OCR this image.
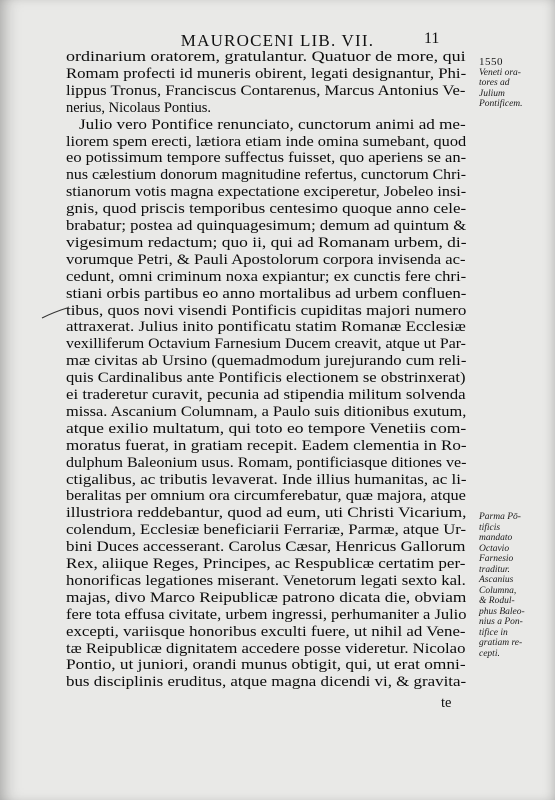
MAUROCENI LIB. VII.	11
ordinarium oratorem, gratulantur. Quatuor de more, qui
Romam profecti id muneris obirent, legati designantur, Phi-
lippus Tronus, Franciscus Contarenus, Marcus Antonius Ve-
nerius, Nicolaus Pontius.
Julio vero Pontifice renunciato, cunctorum animi ad me-
liorem spem erecti, lætiora etiam inde omina sumebant, quod
eo potissimum tempore suffectus fuisset, quo aperiens se an-
nus cælestium donorum magnitudine refertus, cunctorum Chri-
stianorum votis magna expectatione exciperetur, Jobeleo insi-
gnis, quod priscis temporibus centesimo quoque anno cele-
brabatur; postea ad quinquagesimum; demum ad quintum &
vigesimum redactum; quo ii, qui ad Romanam urbem, di-
vorumque Petri, & Pauli Apostolorum corpora invisenda ac-
cedunt, omni criminum noxa expiantur; ex cunctis fere chri-
stiani orbis partibus eo anno mortalibus ad urbem confluen-
tibus, quos novi visendi Pontificis cupiditas majori numero
attraxerat. Julius inito pontificatu statim Romanæ Ecclesiæ
vexilliferum Octavium Farnesium Ducem creavit, atque ut Par-
mæ civitas ab Ursino (quemadmodum jurejurando cum reli-
quis Cardinalibus ante Pontificis electionem se obstrinxerat)
ei traderetur curavit, pecunia ad stipendia militum solvenda
missa. Ascanium Columnam, a Paulo suis ditionibus exutum,
atque exilio multatum, qui toto eo tempore Venetiis com-
moratus fuerat, in gratiam recepit. Eadem clementia in Ro-
dulphum Baleonium usus. Romam, pontificiasque ditiones ve-
ctigalibus, ac tributis levaverat. Inde illius humanitas, ac li-
beralitas per omnium ora circumferebatur, quæ majora, atque
illustriora reddebantur, quod ad eum, uti Christi Vicarium,
colendum, Ecclesiæ beneficiarii Ferrariæ, Parmæ, atque Ur-
bini Duces accesserant. Carolus Cæsar, Henricus Gallorum
Rex, aliique Reges, Principes, ac Respublicæ certatim per-
honorificas legationes miserant. Venetorum legati sexto kal.
majas, divo Marco Reipublicæ patrono dicata die, obviam
fere tota effusa civitate, urbem ingressi, perhumaniter a Julio
excepti, variisque honoribus exculti fuere, ut nihil ad Vene-
tæ Reipublicæ dignitatem accedere posse videretur. Nicolao
Pontio, ut juniori, orandi munus obtigit, qui, ut erat omni-
bus disciplinis eruditus, atque magna dicendi vi, & gravita-
te
1550
Veneti ora-
tores ad
Julium
Pontificem.
Parma Pō-
tificis
mandato
Octavio
Farnesio
traditur.
Ascanius
Columna,
& Rodul-
phus Baleo-
nius a Pon-
tifice in
gratiam re-
cepti.
